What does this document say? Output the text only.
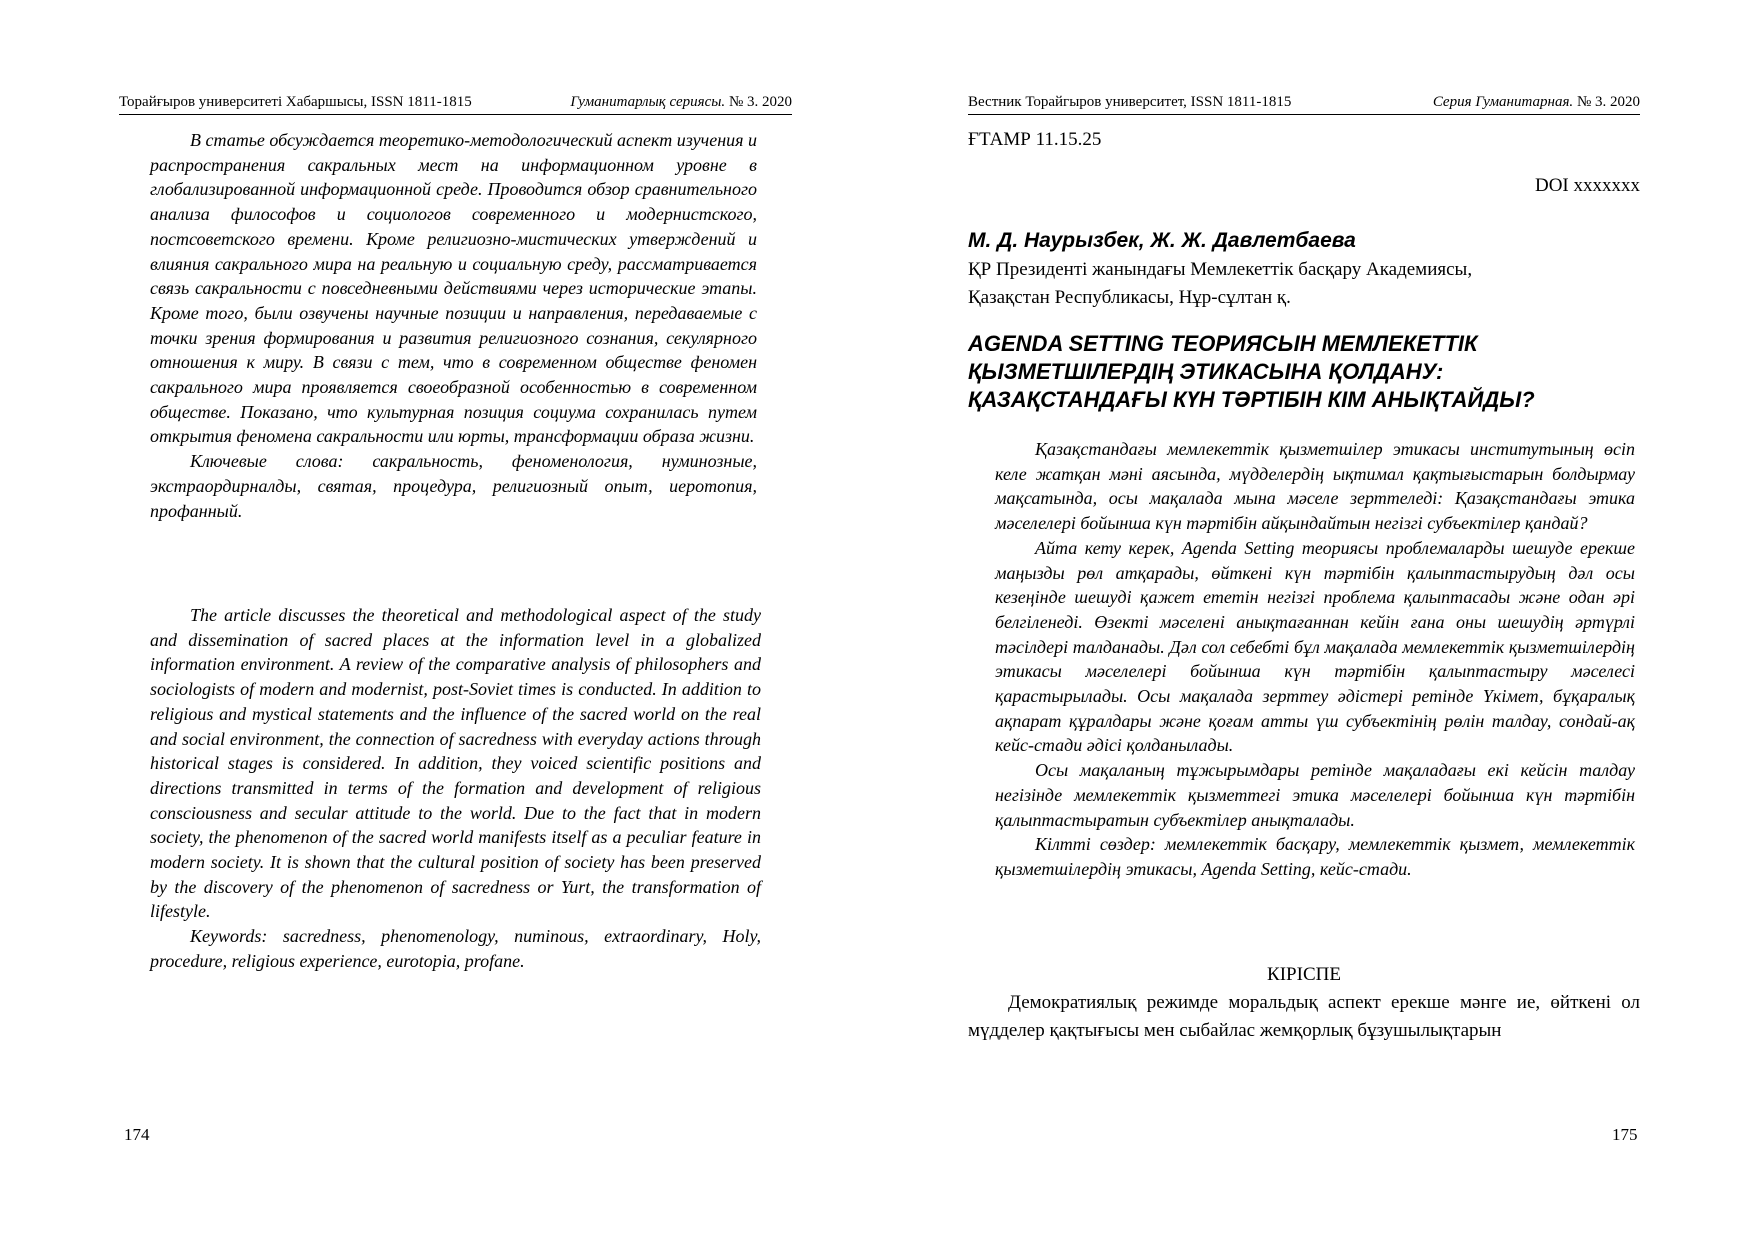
Торайғыров университеті Хабаршысы, ISSN 1811-1815	Гуманитарлық сериясы. № 3. 2020

В статье обсуждается теоретико-методологический аспект изучения и распространения сакральных мест на информационном уровне в глобализированной информационной среде. Проводится обзор сравнительного анализа философов и социологов современного и модернистского, постсоветского времени. Кроме религиозно-мистических утверждений и влияния сакрального мира на реальную и социальную среду, рассматривается связь сакральности с повседневными действиями через исторические этапы. Кроме того, были озвучены научные позиции и направления, передаваемые с точки зрения формирования и развития религиозного сознания, секулярного отношения к миру. В связи с тем, что в современном обществе феномен сакрального мира проявляется своеобразной особенностью в современном обществе. Показано, что культурная позиция социума сохранилась путем открытия феномена сакральности или юрты, трансформации образа жизни.

Ключевые слова: сакральность, феноменология, нуминозные, экстраордирналды, святая, процедура, религиозный опыт, иеротопия, профанный.

The article discusses the theoretical and methodological aspect of the study and dissemination of sacred places at the information level in a globalized information environment. A review of the comparative analysis of philosophers and sociologists of modern and modernist, post-Soviet times is conducted. In addition to religious and mystical statements and the influence of the sacred world on the real and social environment, the connection of sacredness with everyday actions through historical stages is considered. In addition, they voiced scientific positions and directions transmitted in terms of the formation and development of religious consciousness and secular attitude to the world. Due to the fact that in modern society, the phenomenon of the sacred world manifests itself as a peculiar feature in modern society. It is shown that the cultural position of society has been preserved by the discovery of the phenomenon of sacredness or Yurt, the transformation of lifestyle.

Keywords: sacredness, phenomenology, numinous, extraordinary, Holy, procedure, religious experience, eurotopia, profane.

174
Вестник Торайгыров университет, ISSN 1811-1815	Серия Гуманитарная. № 3. 2020
ҒТАМР 11.15.25
DOI xxxxxxx
М. Д. Наурызбек, Ж. Ж. Давлетбаева
ҚР Президенті жанындағы Мемлекеттік басқару Академиясы,
Қазақстан Республикасы, Нұр-сұлтан қ.
AGENDA SETTING ТЕОРИЯСЫН МЕМЛЕКЕТТІК ҚЫЗМЕТШІЛЕРДІҢ ЭТИКАСЫНА ҚОЛДАНУ: ҚАЗАҚСТАНДАҒЫ КҮН ТӘРТІБІН КІМ АНЫҚТАЙДЫ?

Қазақстандағы мемлекеттік қызметшілер этикасы институтының өсіп келе жатқан мәні аясында, мүдделердің ықтимал қақтығыстарын болдырмау мақсатында, осы мақалада мына мәселе зерттеледі: Қазақстандағы этика мәселелері бойынша күн тәртібін айқындайтын негізгі субъектілер қандай?

Айта кету керек, Agenda Setting теориясы проблемаларды шешуде ерекше маңызды рөл атқарады, өйткені күн тәртібін қалыптастырудың дәл осы кезеңінде шешуді қажет ететін негізгі проблема қалыптасады және одан әрі белгіленеді. Өзекті мәселені анықтағаннан кейін ғана оны шешудің әртүрлі тәсілдері талданады. Дәл сол себебті бұл мақалада мемлекеттік қызметшілердің этикасы мәселелері бойынша күн тәртібін қалыптастыру мәселесі қарастырылады. Осы мақалада зерттеу әдістері ретінде Үкімет, бұқаралық ақпарат құралдары және қоғам атты үш субъектінің рөлін талдау, сондай-ақ кейс-стади әдісі қолданылады.

Осы мақаланың тұжырымдары ретінде мақаладағы екі кейсін талдау негізінде мемлекеттік қызметтегі этика мәселелері бойынша күн тәртібін қалыптастыратын субъектілер анықталады.

Кілтті сөздер: мемлекеттік басқару, мемлекеттік қызмет, мемлекеттік қызметшілердің этикасы, Agenda Setting, кейс-стади.

КІРІСПЕ

Демократиялық режимде моральдық аспект ерекше мәнге ие, өйткені ол мүдделер қақтығысы мен сыбайлас жемқорлық бұзушылықтарын

175
